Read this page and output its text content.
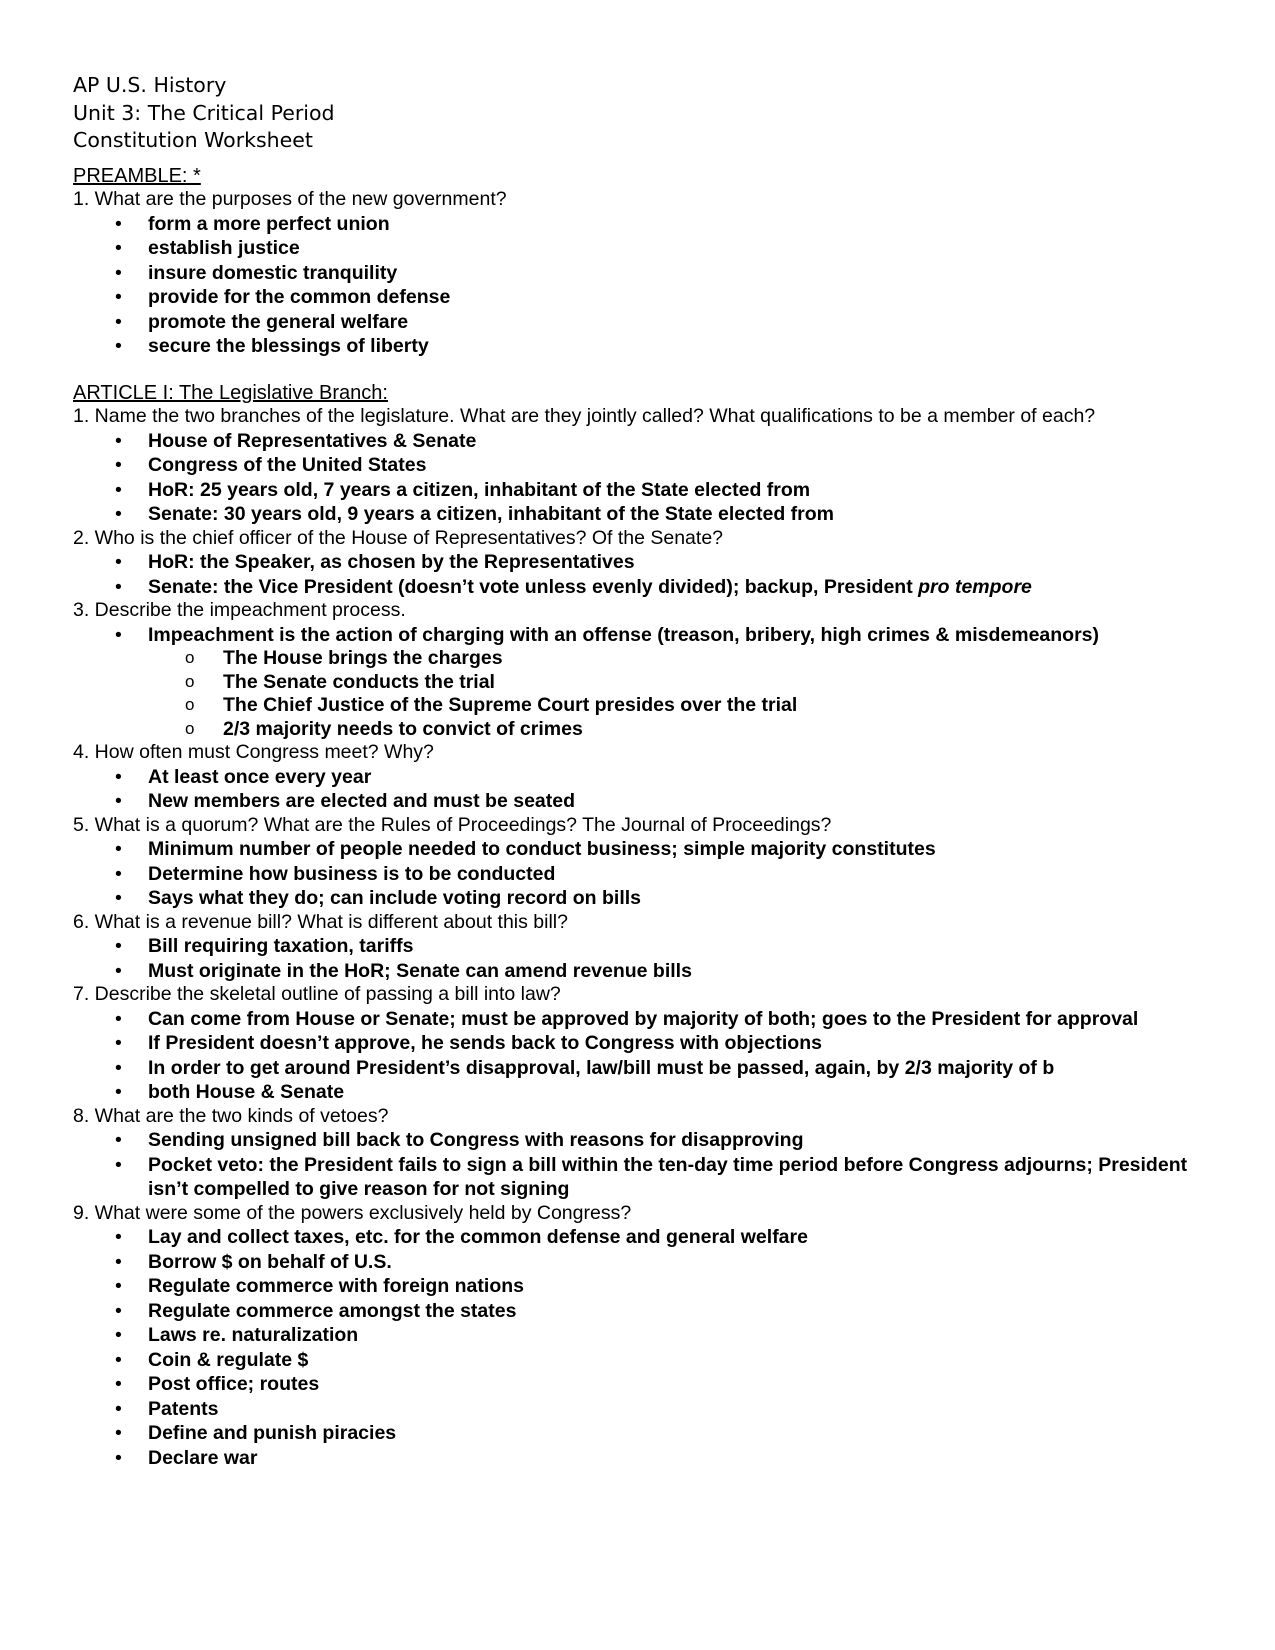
AP U.S. History
Unit 3: The Critical Period
Constitution Worksheet
PREAMBLE: *

1. What are the purposes of the new government?

• form a more perfect union
• establish justice
• insure domestic tranquility
• provide for the common defense
• promote the general welfare
• secure the blessings of liberty
ARTICLE I: The Legislative Branch:

1. Name the two branches of the legislature. What are they jointly called? What qualifications to be a member of each?

• House of Representatives & Senate
• Congress of the United States
• HoR: 25 years old, 7 years a citizen, inhabitant of the State elected from
• Senate: 30 years old, 9 years a citizen, inhabitant of the State elected from

2. Who is the chief officer of the House of Representatives? Of the Senate?

• HoR: the Speaker, as chosen by the Representatives
• Senate: the Vice President (doesn’t vote unless evenly divided); backup, President pro tempore

3. Describe the impeachment process.

• Impeachment is the action of charging with an offense (treason, bribery, high crimes & misdemeanors)
o The House brings the charges
o The Senate conducts the trial
o The Chief Justice of the Supreme Court presides over the trial
o 2/3 majority needs to convict of crimes

4. How often must Congress meet? Why?

• At least once every year
• New members are elected and must be seated

5. What is a quorum? What are the Rules of Proceedings? The Journal of Proceedings?

• Minimum number of people needed to conduct business; simple majority constitutes
• Determine how business is to be conducted
• Says what they do; can include voting record on bills

6. What is a revenue bill? What is different about this bill?

• Bill requiring taxation, tariffs
• Must originate in the HoR; Senate can amend revenue bills

7. Describe the skeletal outline of passing a bill into law?

• Can come from House or Senate; must be approved by majority of both; goes to the President for approval
• If President doesn’t approve, he sends back to Congress with objections
• In order to get around President’s disapproval, law/bill must be passed, again, by 2/3 majority of b
• both House & Senate

8. What are the two kinds of vetoes?

• Sending unsigned bill back to Congress with reasons for disapproving
• Pocket veto: the President fails to sign a bill within the ten-day time period before Congress adjourns; President isn’t compelled to give reason for not signing

9. What were some of the powers exclusively held by Congress?

• Lay and collect taxes, etc. for the common defense and general welfare
• Borrow $ on behalf of U.S.
• Regulate commerce with foreign nations
• Regulate commerce amongst the states
• Laws re. naturalization
• Coin & regulate $
• Post office; routes
• Patents
• Define and punish piracies
• Declare war
